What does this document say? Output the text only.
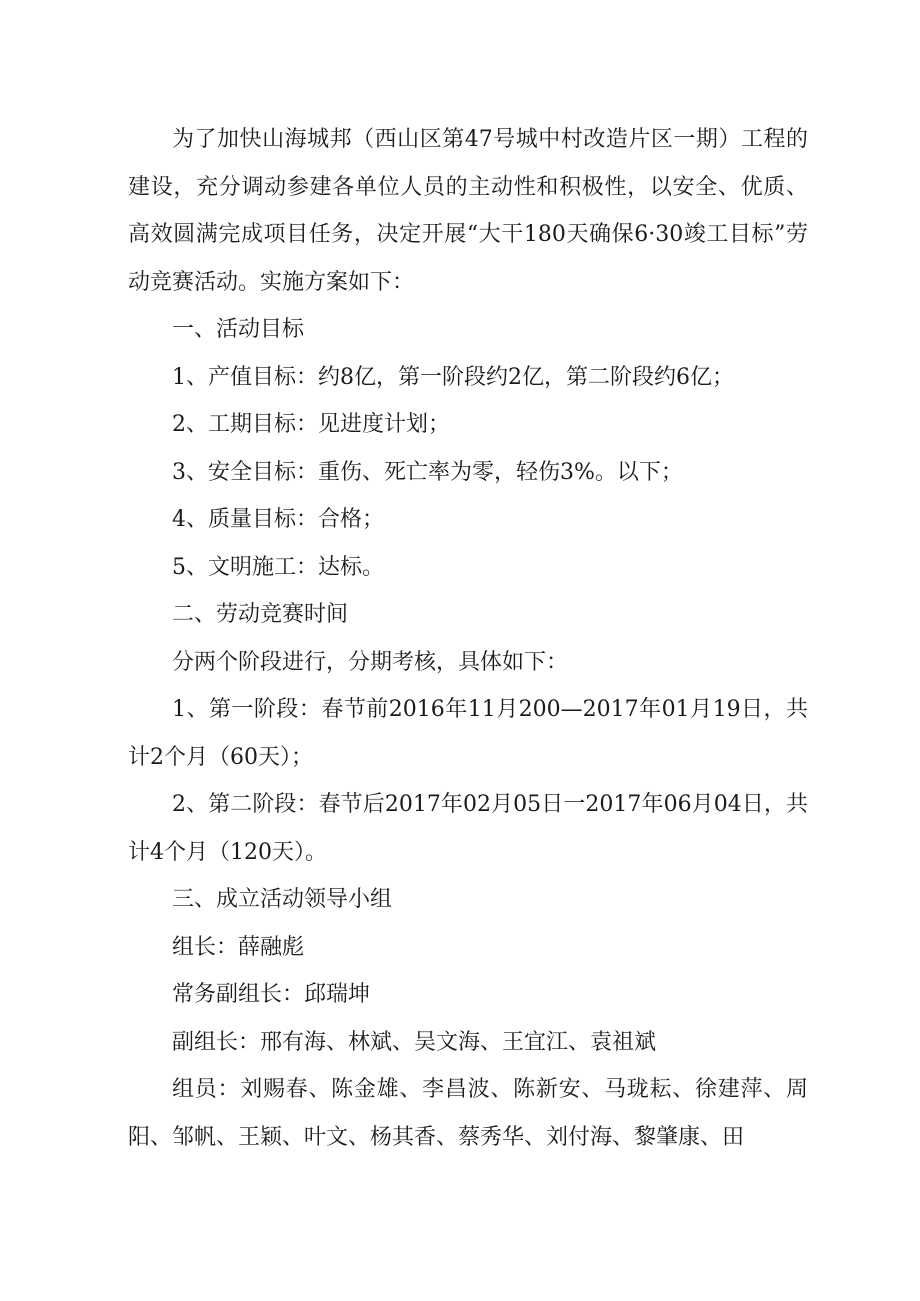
为了加快山海城邦（西山区第47号城中村改造片区一期）工程的建设，充分调动参建各单位人员的主动性和积极性，以安全、优质、高效圆满完成项目任务，决定开展“大干180天确保6·30竣工目标”劳动竞赛活动。实施方案如下：

一、活动目标

1、产值目标：约8亿，第一阶段约2亿，第二阶段约6亿；

2、工期目标：见进度计划；

3、安全目标：重伤、死亡率为零，轻伤3%。以下；

4、质量目标：合格；

5、文明施工：达标。

二、劳动竞赛时间

分两个阶段进行，分期考核，具体如下：

1、第一阶段：春节前2016年11月200—2017年01月19日，共计2个月（60天）；

2、第二阶段：春节后2017年02月05日一2017年06月04日，共计4个月（120天）。

三、成立活动领导小组

组长：薛融彪

常务副组长：邱瑞坤

副组长：邢有海、林斌、吴文海、王宜江、袁祖斌

组员：刘赐春、陈金雄、李昌波、陈新安、马珑耘、徐建萍、周阳、邹帆、王颖、叶文、杨其香、蔡秀华、刘付海、黎肇康、田
